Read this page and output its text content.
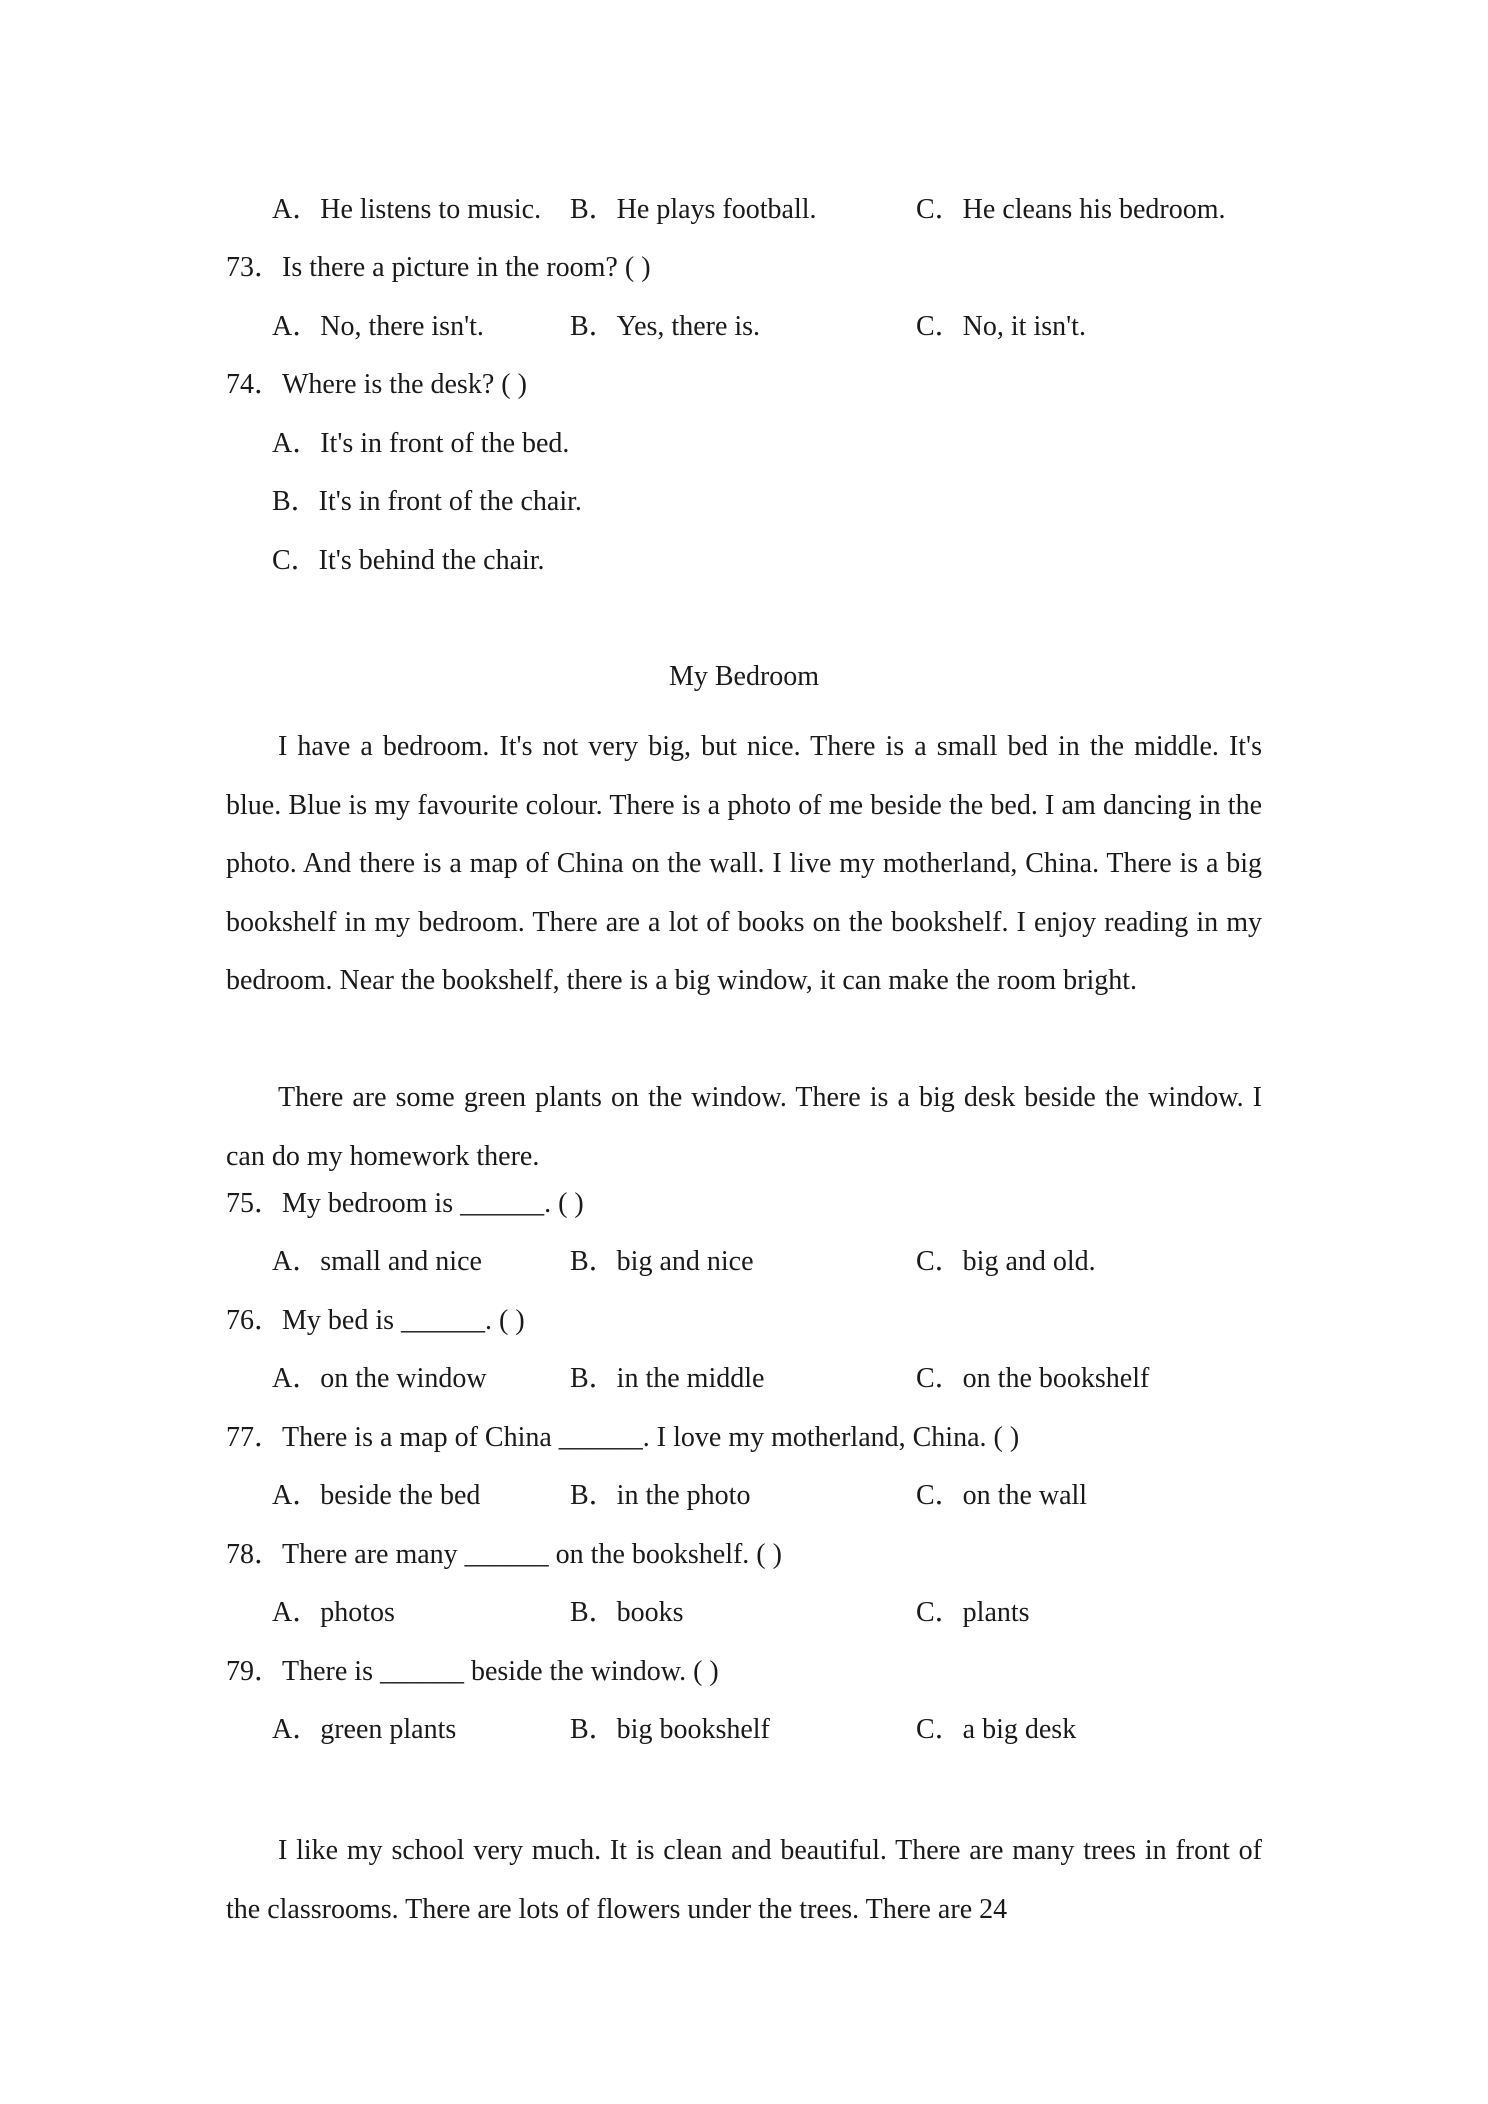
A．He listens to music. B．He plays football.	C．He cleans his bedroom.
73．Is there a picture in the room? ( )
A．No, there isn't.	B．Yes, there is.	C．No, it isn't.
74．Where is the desk? ( )
A．It's in front of the bed.
B．It's in front of the chair.
C．It's behind the chair.
My Bedroom

I have a bedroom. It's not very big, but nice. There is a small bed in the middle. It's blue. Blue is my favourite colour. There is a photo of me beside the bed. I am dancing in the photo. And there is a map of China on the wall. I live my motherland, China. There is a big bookshelf in my bedroom. There are a lot of books on the bookshelf. I enjoy reading in my bedroom. Near the bookshelf, there is a big window, it can make the room bright.

There are some green plants on the window. There is a big desk beside the window. I can do my homework there.

75．My bedroom is ______. ( )
A．small and nice	B．big and nice	C．big and old.
76．My bed is ______. ( )
A．on the window	B．in the middle	C．on the bookshelf
77．There is a map of China ______. I love my motherland, China. ( )
A．beside the bed	B．in the photo	C．on the wall
78．There are many ______ on the bookshelf. ( )
A．photos	B．books	C．plants
79．There is ______ beside the window. ( )
A．green plants	B．big bookshelf	C．a big desk

I like my school very much. It is clean and beautiful. There are many trees in front of the classrooms. There are lots of flowers under the trees. There are 24
